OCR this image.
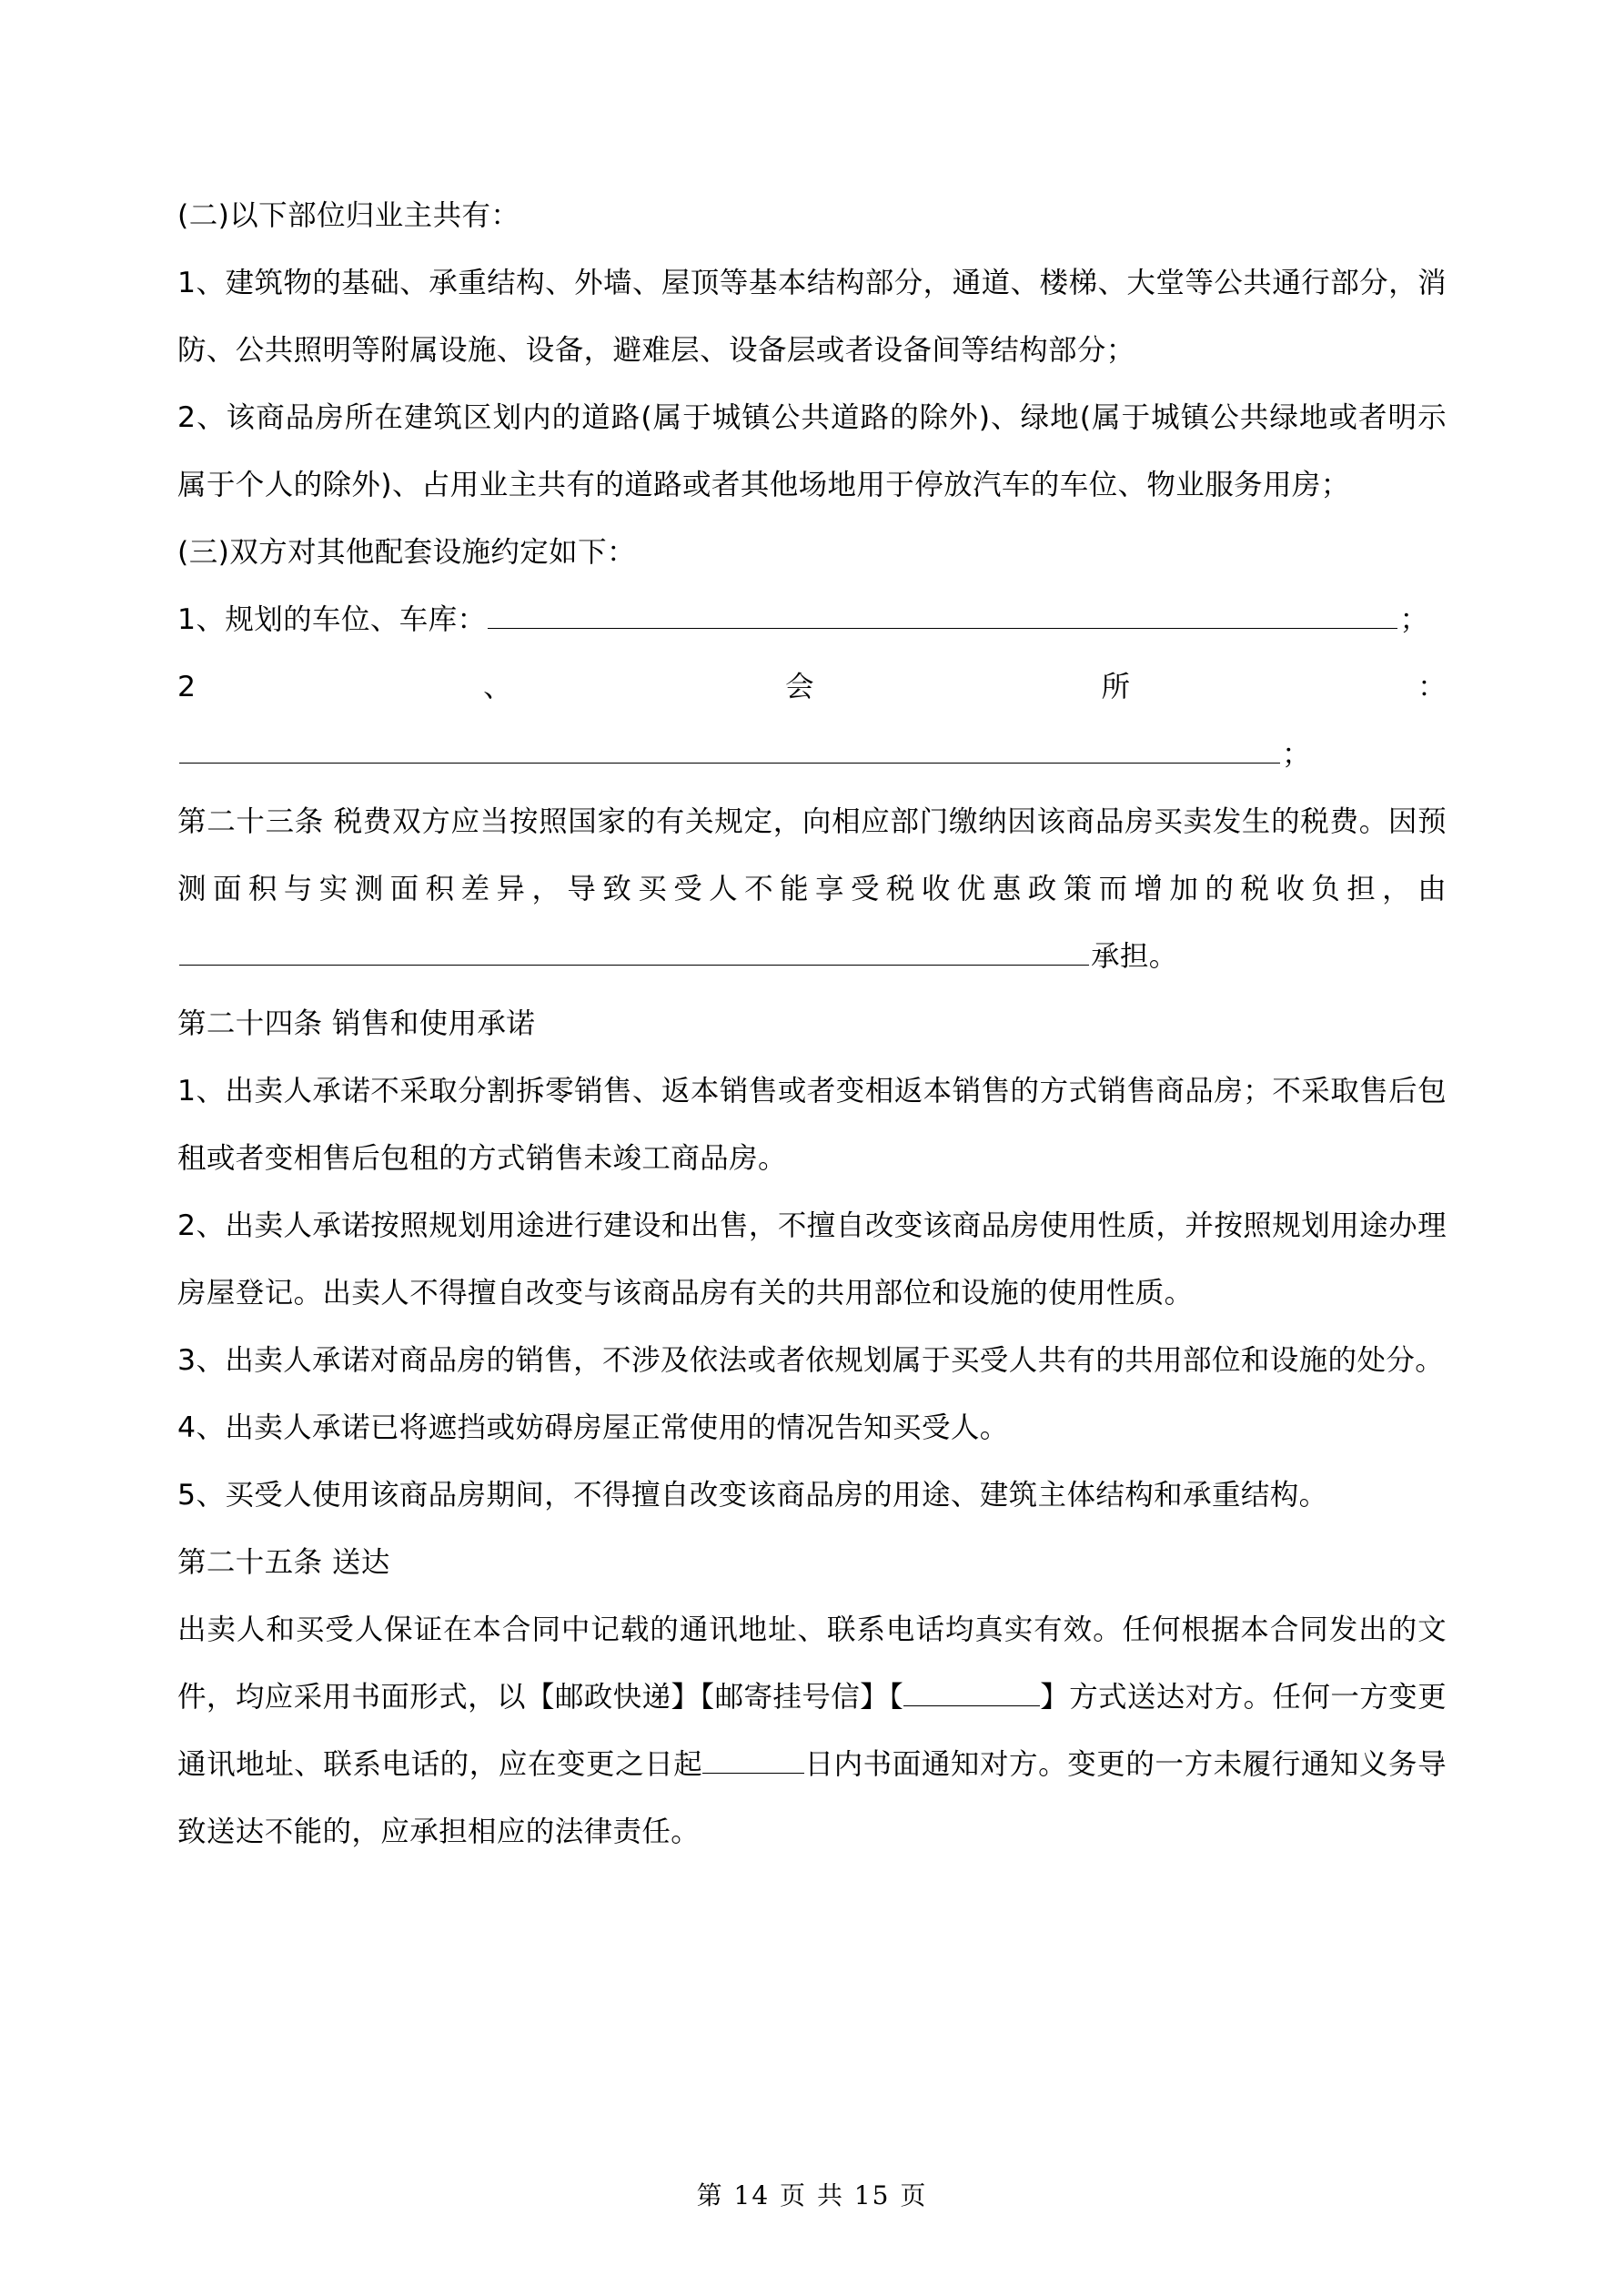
(二)以下部位归业主共有：

1、建筑物的基础、承重结构、外墙、屋顶等基本结构部分，通道、楼梯、大堂等公共通行部分，消防、公共照明等附属设施、设备，避难层、设备层或者设备间等结构部分；

2、该商品房所在建筑区划内的道路(属于城镇公共道路的除外)、绿地(属于城镇公共绿地或者明示属于个人的除外)、占用业主共有的道路或者其他场地用于停放汽车的车位、物业服务用房；

(三)双方对其他配套设施约定如下：

1、规划的车位、车库：	；

2　　　　　、　　　　　会　　　　　所　　　　　：

；

第二十三条 税费双方应当按照国家的有关规定，向相应部门缴纳因该商品房买卖发生的税费。因预测面积与实测面积差异，导致买受人不能享受税收优惠政策而增加的税收负担，由承担。

第二十四条 销售和使用承诺

1、出卖人承诺不采取分割拆零销售、返本销售或者变相返本销售的方式销售商品房；不采取售后包租或者变相售后包租的方式销售未竣工商品房。

2、出卖人承诺按照规划用途进行建设和出售，不擅自改变该商品房使用性质，并按照规划用途办理房屋登记。出卖人不得擅自改变与该商品房有关的共用部位和设施的使用性质。

3、出卖人承诺对商品房的销售，不涉及依法或者依规划属于买受人共有的共用部位和设施的处分。

4、出卖人承诺已将遮挡或妨碍房屋正常使用的情况告知买受人。

5、买受人使用该商品房期间，不得擅自改变该商品房的用途、建筑主体结构和承重结构。

第二十五条 送达

出卖人和买受人保证在本合同中记载的通讯地址、联系电话均真实有效。任何根据本合同发出的文件，均应采用书面形式，以【邮政快递】【邮寄挂号信】【	】方式送达对方。任何一方变更通讯地址、联系电话的，应在变更之日起	日内书面通知对方。变更的一方未履行通知义务导致送达不能的，应承担相应的法律责任。

第 14 页 共 15 页
